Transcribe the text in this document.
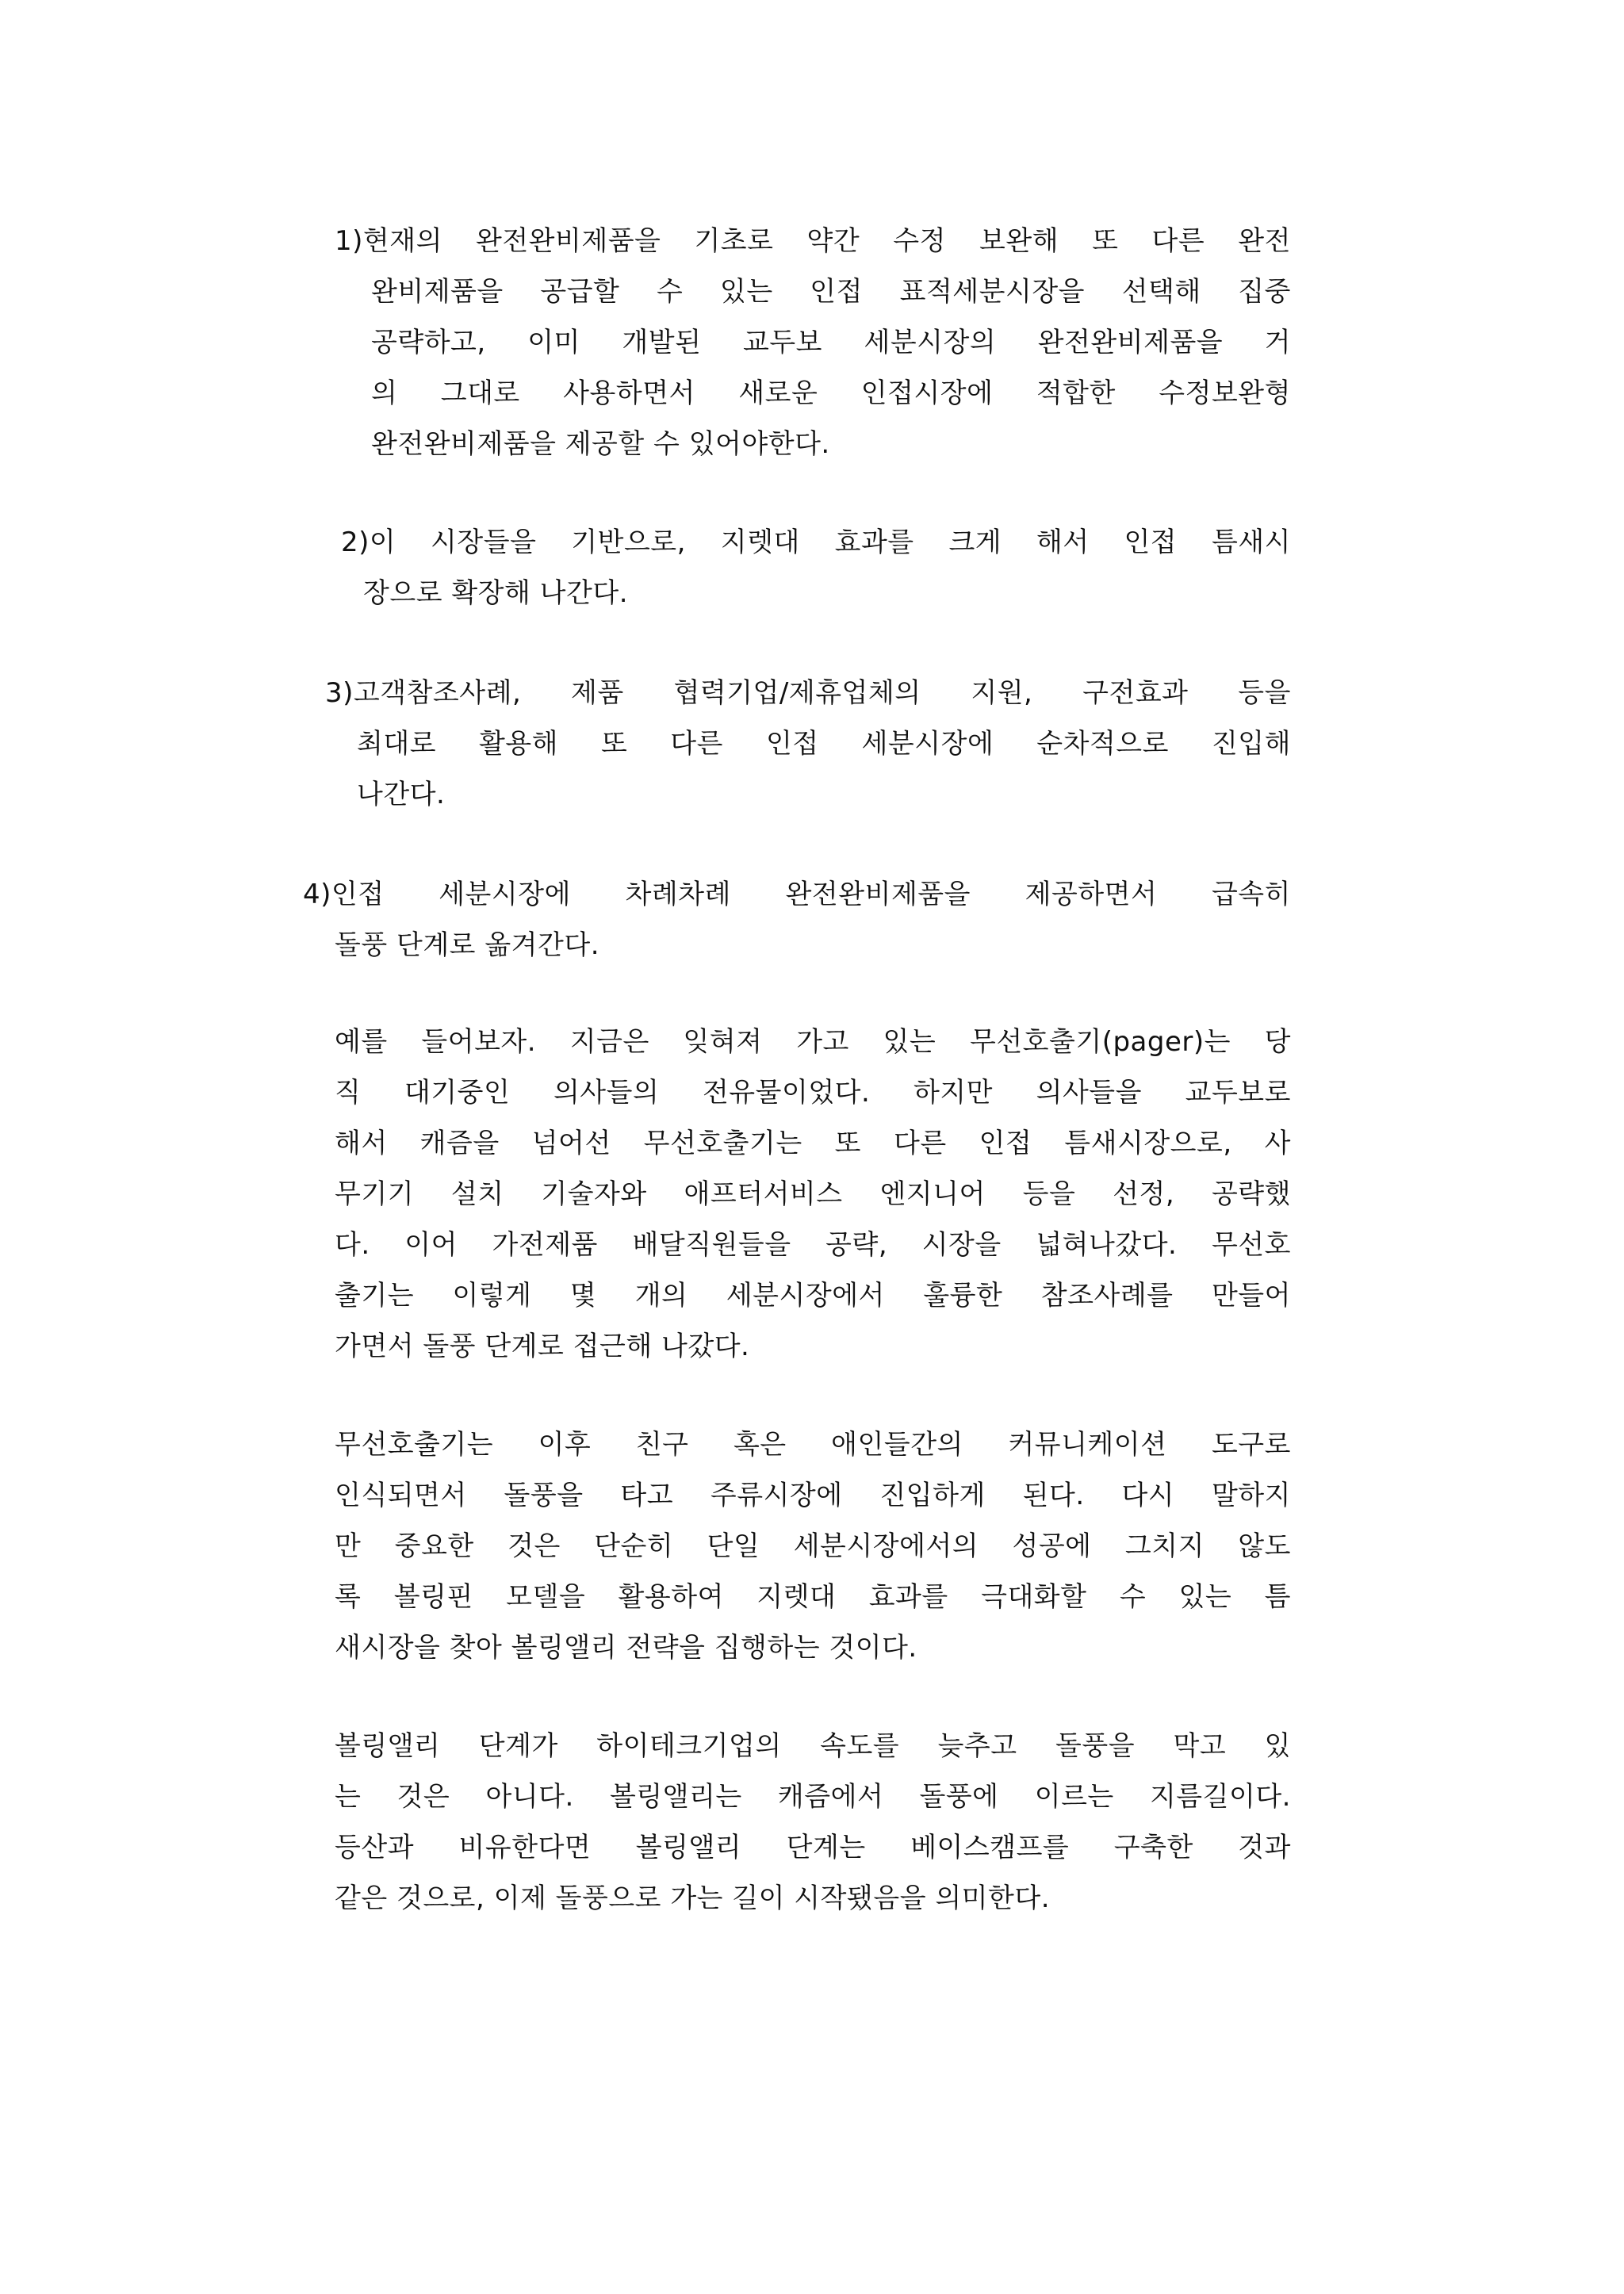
1)현재의 완전완비제품을 기초로 약간 수정 보완해 또 다른 완전
완비제품을 공급할 수 있는 인접 표적세분시장을 선택해 집중
공략하고, 이미 개발된 교두보 세분시장의 완전완비제품을 거
의 그대로 사용하면서 새로운 인접시장에 적합한 수정보완형
완전완비제품을 제공할 수 있어야한다.
2)이 시장들을 기반으로, 지렛대 효과를 크게 해서 인접 틈새시
장으로 확장해 나간다.
3)고객참조사례, 제품 협력기업/제휴업체의 지원, 구전효과 등을
최대로 활용해 또 다른 인접 세분시장에 순차적으로 진입해
나간다.
4)인접 세분시장에 차례차례 완전완비제품을 제공하면서 급속히
돌풍 단계로 옮겨간다.
예를 들어보자. 지금은 잊혀져 가고 있는 무선호출기(pager)는 당
직 대기중인 의사들의 전유물이었다. 하지만 의사들을 교두보로
해서 캐즘을 넘어선 무선호출기는 또 다른 인접 틈새시장으로, 사
무기기 설치 기술자와 애프터서비스 엔지니어 등을 선정, 공략했
다. 이어 가전제품 배달직원들을 공략, 시장을 넓혀나갔다. 무선호
출기는 이렇게 몇 개의 세분시장에서 훌륭한 참조사례를 만들어
가면서 돌풍 단계로 접근해 나갔다.
무선호출기는 이후 친구 혹은 애인들간의 커뮤니케이션 도구로
인식되면서 돌풍을 타고 주류시장에 진입하게 된다. 다시 말하지
만 중요한 것은 단순히 단일 세분시장에서의 성공에 그치지 않도
록 볼링핀 모델을 활용하여 지렛대 효과를 극대화할 수 있는 틈
새시장을 찾아 볼링앨리 전략을 집행하는 것이다.
볼링앨리 단계가 하이테크기업의 속도를 늦추고 돌풍을 막고 있
는 것은 아니다. 볼링앨리는 캐즘에서 돌풍에 이르는 지름길이다.
등산과 비유한다면 볼링앨리 단계는 베이스캠프를 구축한 것과
같은 것으로, 이제 돌풍으로 가는 길이 시작됐음을 의미한다.
